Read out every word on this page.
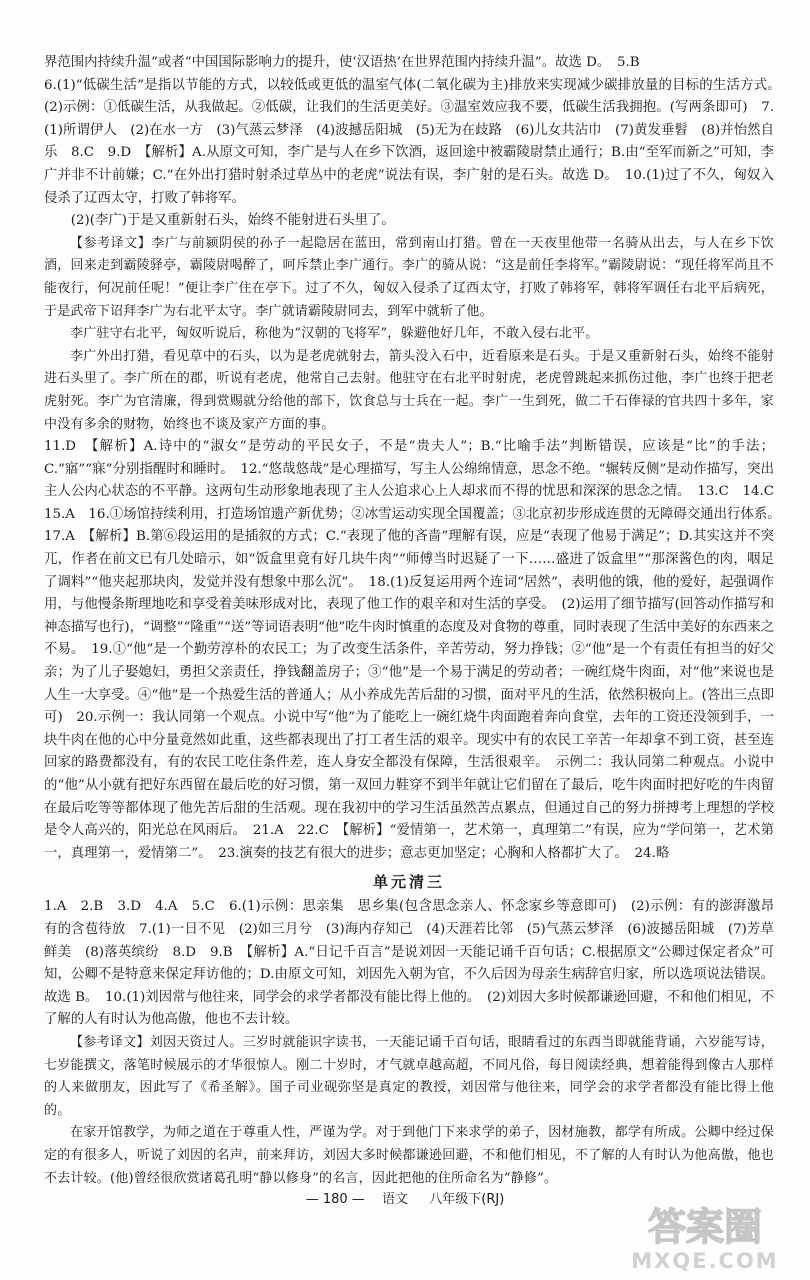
界范围内持续升温”或者“中国国际影响力的提升，使‘汉语热’在世界范围内持续升温”。故选 D。　5.B

6.(1)“低碳生活”是指以节能的方式，以较低或更低的温室气体(二氧化碳为主)排放来实现减少碳排放量的目标的生活方式。　(2)示例：①低碳生活，从我做起。②低碳，让我们的生活更美好。③温室效应我不要，低碳生活我拥抱。(写两条即可)　7.(1)所谓伊人　(2)在水一方　(3)气蒸云梦泽　(4)波撼岳阳城　(5)无为在歧路　(6)儿女共沾巾　(7)黄发垂髫　(8)并怡然自乐　8.C　9.D　【解析】A.从原文可知，李广是与人在乡下饮酒，返回途中被霸陵尉禁止通行；B.由“至军而新之”可知，李广并非不计前嫌；C.“在外出打猎时射杀过草丛中的老虎”说法有误，李广射的是石头。故选 D。　10.(1)过了不久，匈奴入侵杀了辽西太守，打败了韩将军。

(2)(李广)于是又重新射石头，始终不能射进石头里了。

【参考译文】李广与前颍阴侯的孙子一起隐居在蓝田，常到南山打猎。曾在一天夜里他带一名骑从出去，与人在乡下饮酒，回来走到霸陵驿亭，霸陵尉喝醉了，呵斥禁止李广通行。李广的骑从说：“这是前任李将军。”霸陵尉说：“现任将军尚且不能夜行，何况前任呢！”便让李广住在亭下。过了不久，匈奴入侵杀了辽西太守，打败了韩将军，韩将军调任右北平后病死，于是武帝下诏拜李广为右北平太守。李广就请霸陵尉同去，到军中就斩了他。

李广驻守右北平，匈奴听说后，称他为“汉朝的飞将军”，躲避他好几年，不敢入侵右北平。

李广外出打猎，看见草中的石头，以为是老虎就射去，箭头没入石中，近看原来是石头。于是又重新射石头，始终不能射进石头里了。李广所在的郡，听说有老虎，他常自己去射。他驻守在右北平时射虎，老虎曾跳起来抓伤过他，李广也终于把老虎射死。李广为官清廉，得到赏赐就分给他的部下，饮食总与士兵在一起。李广一生到死，做二千石俸禄的官共四十多年，家中没有多余的财物，始终也不谈及家产方面的事。

11.D　【解析】A.诗中的“淑女”是劳动的平民女子，不是“贵夫人”；B.“比喻手法”判断错误，应该是“比”的手法；C.“寤”“寐”分别指醒时和睡时。　12.“悠哉悠哉”是心理描写，写主人公绵绵情意，思念不绝。“辗转反侧”是动作描写，突出主人公内心状态的不平静。这两句生动形象地表现了主人公追求心上人却求而不得的忧思和深深的思念之情。　13.C　14.C　15.A　16.①场馆持续利用，打造场馆遗产新优势；②冰雪运动实现全国覆盖；③北京初步形成连贯的无障碍交通出行体系。　17.A　【解析】B.第⑥段运用的是插叙的方式；C.“表现了他的吝啬”理解有误，应是“表现了他易于满足”；D.其实这并不突兀，作者在前文已有几处暗示，如“饭盒里竟有好几块牛肉”“师傅当时迟疑了一下……盛进了饭盒里”“那深酱色的肉，咽足了调料”“他夹起那块肉，发觉并没有想象中那么沉”。　18.(1)反复运用两个连词“居然”，表明他的饿，他的爱好，起强调作用，与他慢条斯理地吃和享受着美味形成对比，表现了他工作的艰辛和对生活的享受。　(2)运用了细节描写(回答动作描写和神态描写也行)，“调整”“隆重”“送”等词语表明“他”吃牛肉时慎重的态度及对食物的尊重，同时表现了生活中美好的东西来之不易。　19.①“他”是一个勤劳淳朴的农民工；为了改变生活条件，辛苦劳动，努力挣钱；②“他”是一个有责任有担当的好父亲；为了儿子娶媳妇，勇担父亲责任，挣钱翻盖房子；③“他”是一个易于满足的劳动者；一碗红烧牛肉面，对“他”来说也是人生一大享受。④“他”是一个热爱生活的普通人；从小养成先苦后甜的习惯，面对平凡的生活，依然积极向上。(答出三点即可)　20.示例一：我认同第一个观点。小说中写“他”为了能吃上一碗红烧牛肉面跑着奔向食堂，去年的工资还没领到手，一块牛肉在他的心中分量竟然如此重，这些都表现出了打工者生活的艰辛。现实中有的农民工辛苦一年却拿不到工资，甚至连回家的路费都没有，有的农民工吃住条件差，连人身安全都没有保障，生活很艰辛。　示例二：我认同第二种观点。小说中的“他”从小就有把好东西留在最后吃的好习惯，第一双回力鞋穿不到半年就让它们留在了最后，吃牛肉面时把好吃的牛肉留在最后吃等等都体现了他先苦后甜的生活观。现在我初中的学习生活虽然苦点累点，但通过自己的努力拼搏考上理想的学校是令人高兴的，阳光总在风雨后。　21.A　22.C　【解析】“爱情第一，艺术第一，真理第二”有误，应为“学问第一，艺术第一，真理第一，爱情第二”。　23.演奏的技艺有很大的进步；意志更加坚定；心胸和人格都扩大了。　24.略

单元清三

1.A　2.B　3.D　4.A　5.C　6.(1)示例：思亲集　思乡集(包含思念亲人、怀念家乡等意即可)　(2)示例：有的澎湃激昂　有的含苞待放　7.(1)一日不见　(2)如三月兮　(3)海内存知己　(4)天涯若比邻　(5)气蒸云梦泽　(6)波撼岳阳城　(7)芳草鲜美　(8)落英缤纷　8.D　9.B　【解析】A.“日记千百言”是说刘因一天能记诵千百句话；C.根据原文“公卿过保定者众”可知，公卿不是特意来保定拜访他的；D.由原文可知，刘因先入朝为官，不久后因为母亲生病辞官归家，所以选项说法错误。故选 B。　10.(1)刘因常与他往来，同学会的求学者都没有能比得上他的。　(2)刘因大多时候都谦逊回避，不和他们相见，不了解的人有时认为他高傲，他也不去计较。

【参考译文】刘因天资过人。三岁时就能识字读书，一天能记诵千百句话，眼睛看过的东西当即就能背诵，六岁能写诗，七岁能撰文，落笔时候展示的才华很惊人。刚二十岁时，才气就卓越高超，不同凡俗，每日阅读经典，想着能得到像古人那样的人来做朋友，因此写了《希圣解》。国子司业砚弥坚是真定的教授，刘因常与他往来，同学会的求学者都没有能比得上他的。

在家开馆教学，为师之道在于尊重人性，严谨为学。对于到他门下来求学的弟子，因材施教，都学有所成。公卿中经过保定的有很多人，听说了刘因的名声，前来拜访，刘因大多时候都谦逊回避，不和他们相见，不了解的人有时认为他高傲，他也不去计较。(他)曾经很欣赏诸葛孔明“静以修身”的名言，因此把他的住所命名为“静修”。

— 180 —　 语文 　 八年级下(RJ)
答案圈
MXQE.COM
